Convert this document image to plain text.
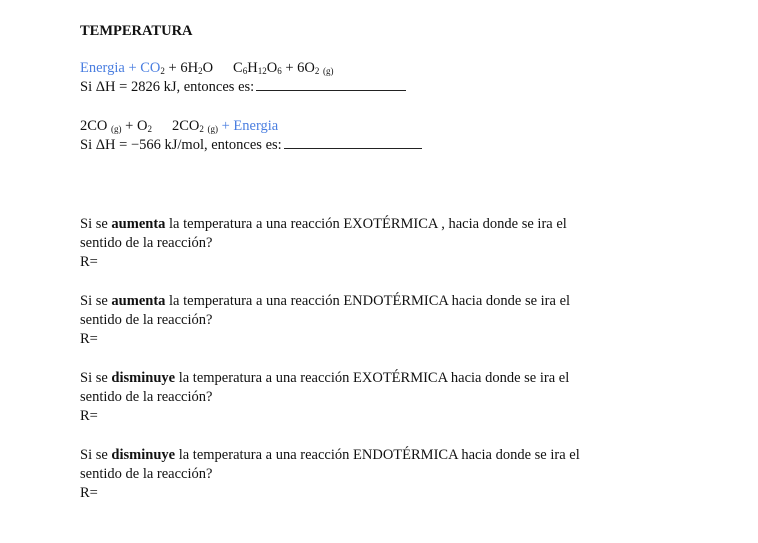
TEMPERATURA
Energia + $CO_2 + 6H_2O$ $C_6H_{12}O_6 + 6O_2$ $_{(g)}$
Si ΔH = 2826 kJ, entonces es:
2CO $_{(g)} + O_2$ $2CO_2$ $_{(g)}$ + Energia
Si ΔH = −566 kJ/mol, entonces es:

Si se aumenta la temperatura a una reacción EXOTÉRMICA , hacia donde se ira el

sentido de la reacción?

R=

Si se aumenta la temperatura a una reacción ENDOTÉRMICA hacia donde se ira el

sentido de la reacción?

R=

Si se disminuye la temperatura a una reacción EXOTÉRMICA hacia donde se ira el

sentido de la reacción?

R=

Si se disminuye la temperatura a una reacción ENDOTÉRMICA hacia donde se ira el

sentido de la reacción?

R=
